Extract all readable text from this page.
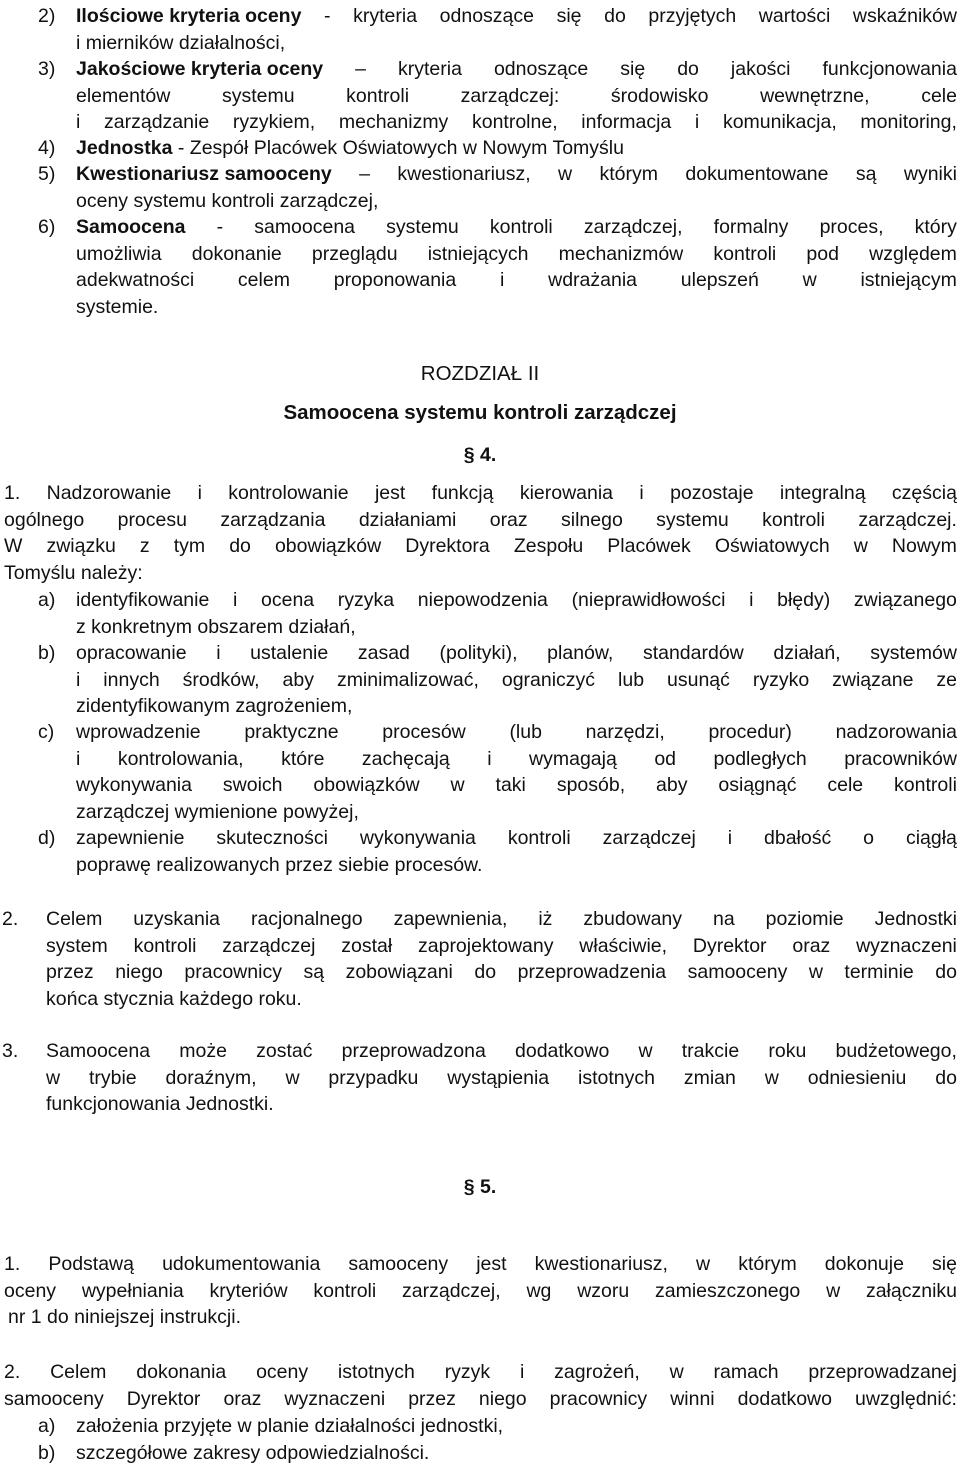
2) Ilościowe kryteria oceny - kryteria odnoszące się do przyjętych wartości wskaźników
i mierników działalności,
3) Jakościowe kryteria oceny – kryteria odnoszące się do jakości funkcjonowania
elementów	systemu	kontroli	zarządczej:	środowisko	wewnętrzne,	cele
i zarządzanie ryzykiem, mechanizmy kontrolne, informacja i komunikacja, monitoring,
4) Jednostka - Zespół Placówek Oświatowych w Nowym Tomyślu
5) Kwestionariusz samooceny – kwestionariusz, w którym dokumentowane są wyniki
oceny systemu kontroli zarządczej,
6) Samoocena - samoocena systemu kontroli zarządczej, formalny proces, który
umożliwia dokonanie przeglądu istniejących mechanizmów kontroli pod względem
adekwatności celem proponowania i wdrażania ulepszeń w istniejącym
systemie.
ROZDZIAŁ II
Samoocena systemu kontroli zarządczej
§ 4.
1. Nadzorowanie i kontrolowanie jest funkcją kierowania i pozostaje integralną częścią
ogólnego procesu zarządzania działaniami oraz silnego systemu kontroli zarządczej.
W związku z tym do obowiązków Dyrektora Zespołu Placówek Oświatowych w Nowym
Tomyślu należy:
a) identyfikowanie i ocena ryzyka niepowodzenia (nieprawidłowości i błędy) związanego
z konkretnym obszarem działań,
b) opracowanie i ustalenie zasad (polityki), planów, standardów działań, systemów
i innych środków, aby zminimalizować, ograniczyć lub usunąć ryzyko związane ze
zidentyfikowanym zagrożeniem,
c) wprowadzenie praktyczne procesów (lub narzędzi, procedur) nadzorowania
i kontrolowania, które zachęcają i wymagają od podległych pracowników
wykonywania swoich obowiązków w taki sposób, aby osiągnąć cele kontroli
zarządczej wymienione powyżej,
d) zapewnienie skuteczności wykonywania kontroli zarządczej i dbałość o ciągłą
poprawę realizowanych przez siebie procesów.
2. Celem uzyskania racjonalnego zapewnienia, iż zbudowany na poziomie Jednostki
system kontroli zarządczej został zaprojektowany właściwie, Dyrektor oraz wyznaczeni
przez niego pracownicy są zobowiązani do przeprowadzenia samooceny w terminie do
końca stycznia każdego roku.
3. Samoocena może zostać przeprowadzona dodatkowo w trakcie roku budżetowego,
w trybie doraźnym, w przypadku wystąpienia istotnych zmian w odniesieniu do
funkcjonowania Jednostki.
§ 5.
1. Podstawą udokumentowania samooceny jest kwestionariusz, w którym dokonuje się
oceny wypełniania kryteriów kontroli zarządczej, wg wzoru zamieszczonego w załączniku
nr 1 do niniejszej instrukcji.
2. Celem dokonania oceny istotnych ryzyk i zagrożeń, w ramach przeprowadzanej
samooceny Dyrektor oraz wyznaczeni przez niego pracownicy winni dodatkowo uwzględnić:
a) założenia przyjęte w planie działalności jednostki,
b) szczegółowe zakresy odpowiedzialności.
